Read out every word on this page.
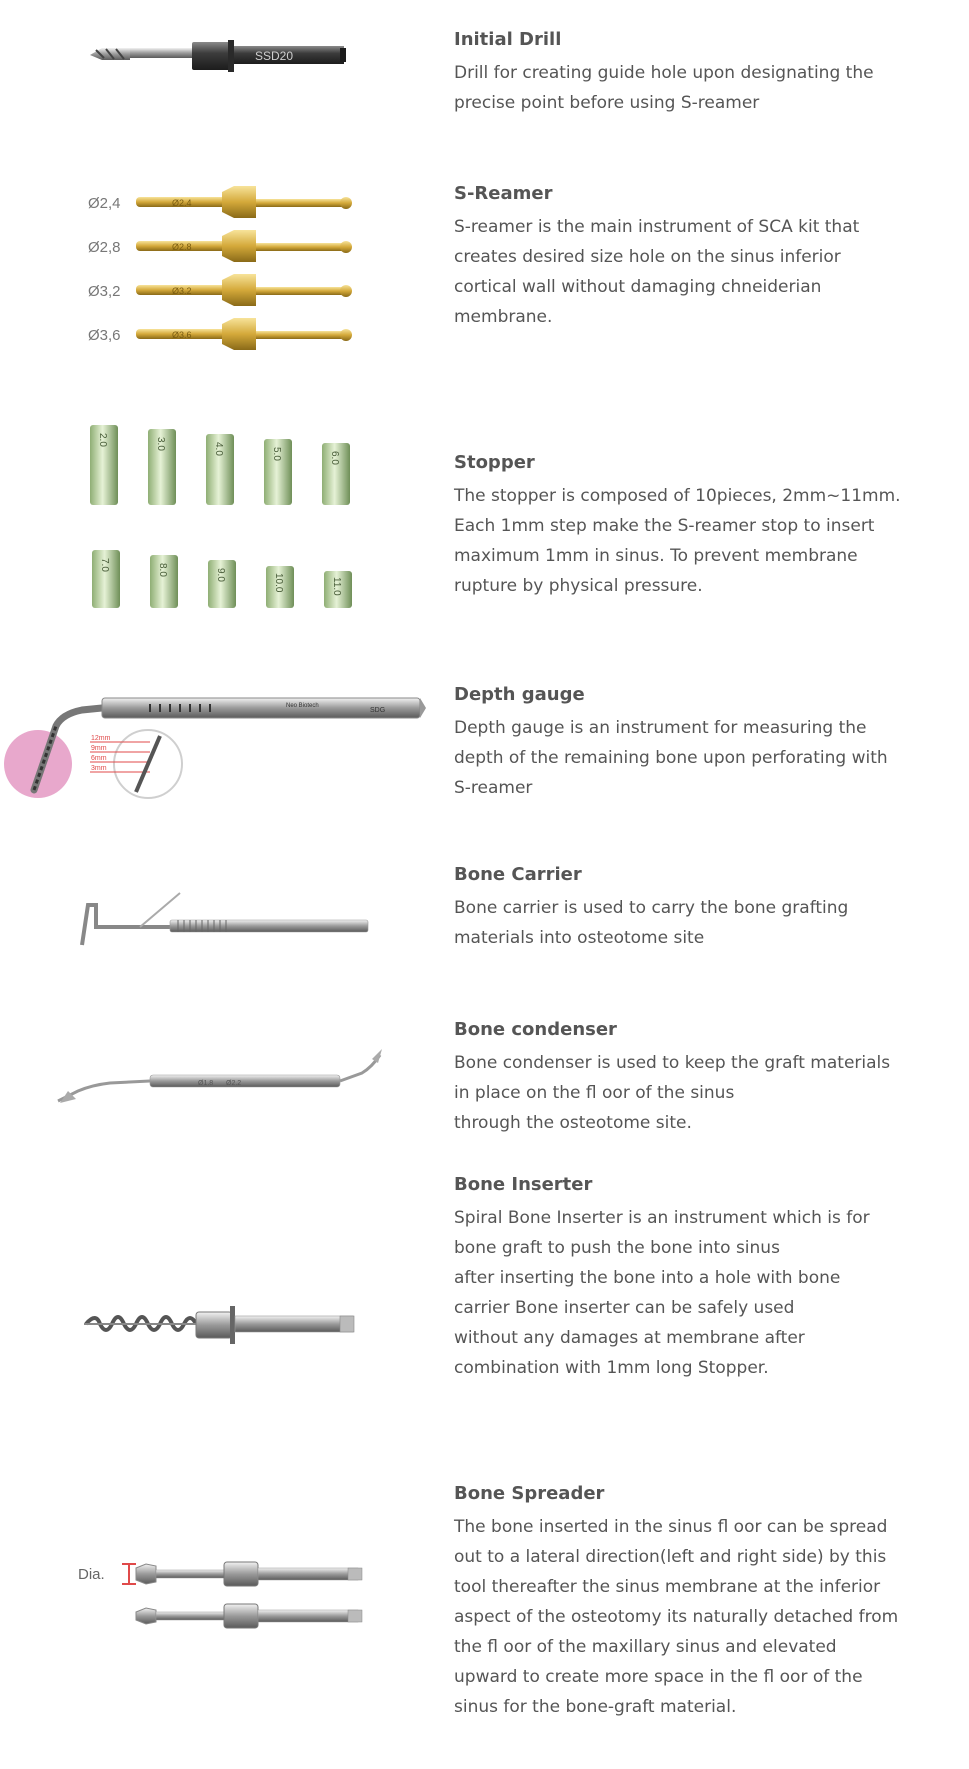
SSD20

Initial Drill

Drill for creating guide hole upon designating the
precise point before using S-reamer

Ø2,4	Ø2.4
Ø2,8	Ø2.8
Ø3,2	Ø3.2
Ø3,6	Ø3.6

S-Reamer

S-reamer is the main instrument of SCA kit that
creates desired size hole on the sinus inferior
cortical wall without damaging chneiderian
membrane.

2.0	3.0	4.0	5.0	6.0
7.0	8.0	9.0	10.0	11.0

Stopper

The stopper is composed of 10pieces, 2mm~11mm.
Each 1mm step make the S-reamer stop to insert
maximum 1mm in sinus. To prevent membrane
rupture by physical pressure.

12mm
9mm
6mm
3mm
Neo Biotech
SDG

Depth gauge

Depth gauge is an instrument for measuring the
depth of the remaining bone upon perforating with
S-reamer

Bone Carrier

Bone carrier is used to carry the bone grafting
materials into osteotome site

Ø1.8 Ø2.2

Bone condenser

Bone condenser is used to keep the graft materials
in place on the fl oor of the sinus
through the osteotome site.

Bone Inserter

Spiral Bone Inserter is an instrument which is for
bone graft to push the bone into sinus
after inserting the bone into a hole with bone
carrier Bone inserter can be safely used
without any damages at membrane after
combination with 1mm long Stopper.

Dia.

Bone Spreader

The bone inserted in the sinus fl oor can be spread
out to a lateral direction(left and right side) by this
tool thereafter the sinus membrane at the inferior
aspect of the osteotomy its naturally detached from
the fl oor of the maxillary sinus and elevated
upward to create more space in the fl oor of the
sinus for the bone-graft material.
